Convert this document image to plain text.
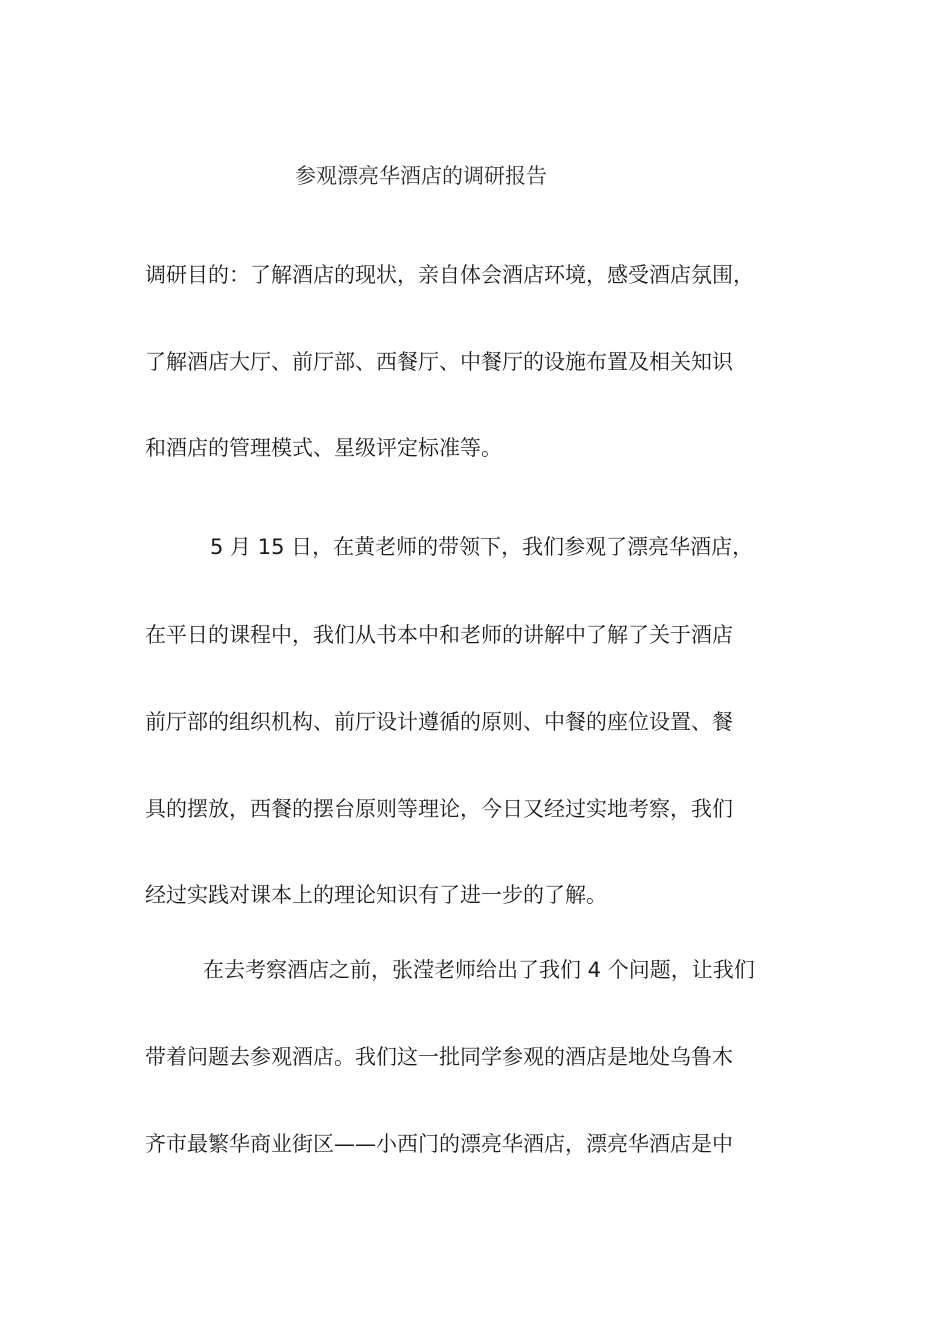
参观漂亮华酒店的调研报告
调研目的：了解酒店的现状，亲自体会酒店环境，感受酒店氛围，
了解酒店大厅、前厅部、西餐厅、中餐厅的设施布置及相关知识
和酒店的管理模式、星级评定标准等。
5 月 15 日，在黄老师的带领下，我们参观了漂亮华酒店，
在平日的课程中，我们从书本中和老师的讲解中了解了关于酒店
前厅部的组织机构、前厅设计遵循的原则、中餐的座位设置、餐
具的摆放，西餐的摆台原则等理论，今日又经过实地考察，我们
经过实践对课本上的理论知识有了进一步的了解。
在去考察酒店之前，张滢老师给出了我们 4 个问题，让我们
带着问题去参观酒店。我们这一批同学参观的酒店是地处乌鲁木
齐市最繁华商业街区——小西门的漂亮华酒店，漂亮华酒店是中
